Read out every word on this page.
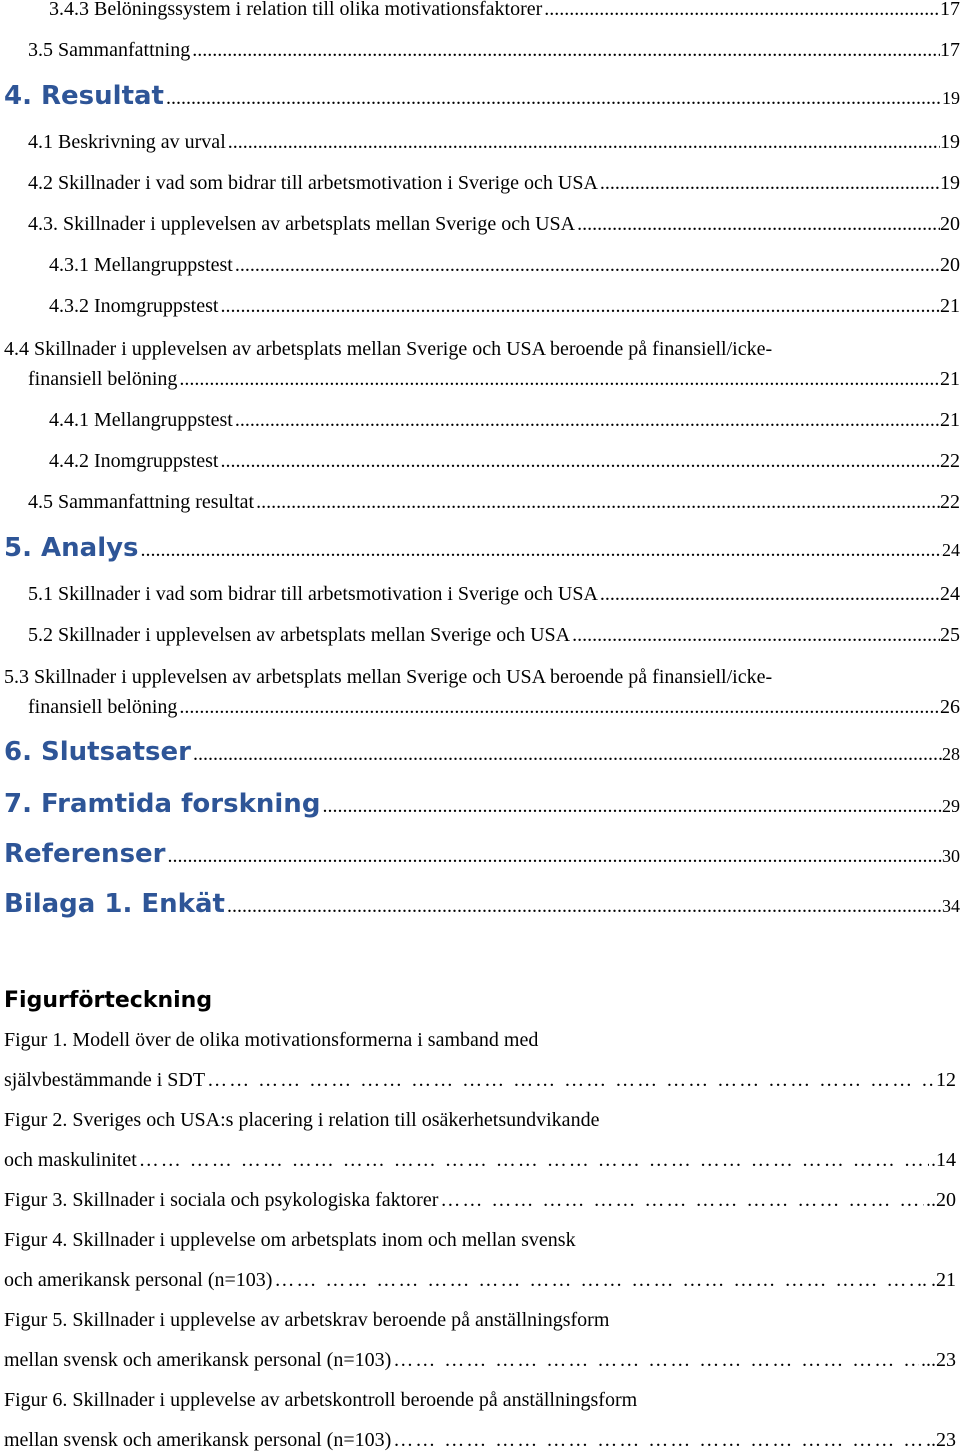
3.4.3 Belöningssystem i relation till olika motivationsfaktorer .....	17
3.5 Sammanfattning .....	17
4. Resultat .....	19
4.1 Beskrivning av urval .....	19
4.2 Skillnader i vad som bidrar till arbetsmotivation i Sverige och USA .....	19
4.3. Skillnader i upplevelsen av arbetsplats mellan Sverige och USA .....	20
4.3.1 Mellangruppstest .....	20
4.3.2 Inomgruppstest .....	21
4.4 Skillnader i upplevelsen av arbetsplats mellan Sverige och USA beroende på finansiell/icke-
finansiell belöning .....	21
4.4.1 Mellangruppstest .....	21
4.4.2 Inomgruppstest .....	22
4.5 Sammanfattning resultat .....	22
5. Analys .....	24
5.1 Skillnader i vad som bidrar till arbetsmotivation i Sverige och USA .....	24
5.2 Skillnader i upplevelsen av arbetsplats mellan Sverige och USA .....	25
5.3 Skillnader i upplevelsen av arbetsplats mellan Sverige och USA beroende på finansiell/icke-
finansiell belöning .....	26
6. Slutsatser .....	28
7. Framtida forskning .....	29
Referenser .....	30
Bilaga 1. Enkät .....	34
Figurförteckning
Figur 1. Modell över de olika motivationsformerna i samband med
självbestämmande i SDT …… …… …… …… …… …… …… …… …… …… …… …… …… …… …… …… …… …… …… …… …… …… …… …… …… …… …… …… …… …… …… …… …… …… …… …… …… …… …… …… …… …… …… …… …… …… …… …… …… …… …… ……	12
Figur 2. Sveriges och USA:s placering i relation till osäkerhetsundvikande
och maskulinitet …… …… …… …… …… …… …… …… …… …… …… …… …… …… …… …… …… …… …… …… …… …… …… …… …… …… …… …… …… …… …… …… …… …… …… …… …… …… …… …… …… …… …… …… …… …… …… …… …… …… …… ……	.14
Figur 3. Skillnader i sociala och psykologiska faktorer …… …… …… …… …… …… …… …… …… …… …… …… …… …… …… …… …… …… …… …… …… …… …… …… …… …… …… …… …… …… …… …… …… …… …… …… …… …… …… …… …… …… …… …… …… …… …… …… …… …… …… ……	..20
Figur 4. Skillnader i upplevelse om arbetsplats inom och mellan svensk
och amerikansk personal (n=103) …… …… …… …… …… …… …… …… …… …… …… …… …… …… …… …… …… …… …… …… …… …… …… …… …… …… …… …… …… …… …… …… …… …… …… …… …… …… …… …… …… …… …… …… …… …… …… …… …… …… …… ……	.. .21
Figur 5. Skillnader i upplevelse av arbetskrav beroende på anställningsform
mellan svensk och amerikansk personal (n=103) …… …… …… …… …… …… …… …… …… …… …… …… …… …… …… …… …… …… …… …… …… …… …… …… …… …… …… …… …… …… …… …… …… …… …… …… …… …… …… …… …… …… …… …… …… …… …… …… …… …… …… ……	...23
Figur 6. Skillnader i upplevelse av arbetskontroll beroende på anställningsform
mellan svensk och amerikansk personal (n=103) …… …… …… …… …… …… …… …… …… …… …… …… …… …… …… …… …… …… …… …… …… …… …… …… …… …… …… …… …… …… …… …… …… …… …… …… …… …… …… …… …… …… …… …… …… …… …… …… …… …… …… ……	..23
